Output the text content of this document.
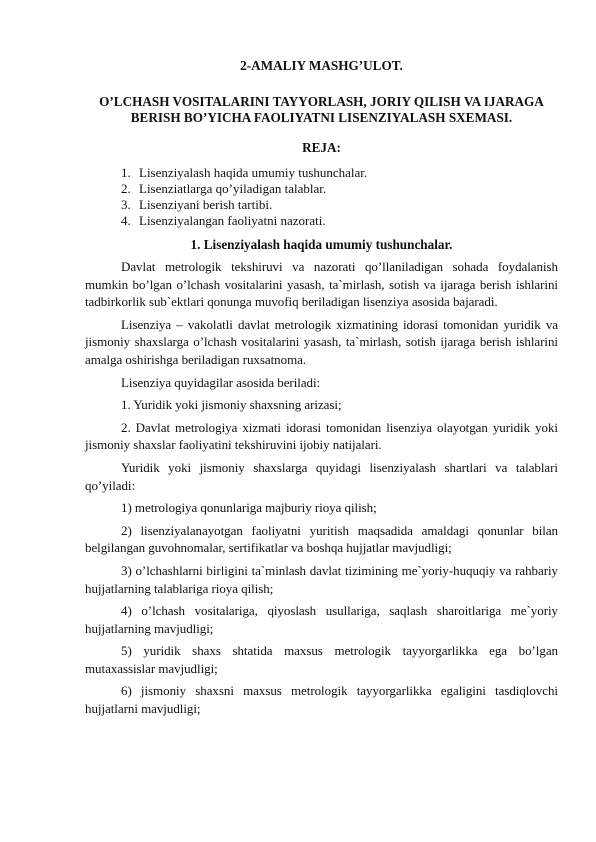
2-AMALIY MASHG’ULOT.
O’LCHASH VOSITALARINI TAYYORLASH, JORIY QILISH VA IJARAGA BERISH BO’YICHA FAOLIYATNI LISENZIYALASH SXEMASI.
REJA:
1. Lisenziyalash haqida umumiy tushunchalar.
2. Lisenziatlarga qo’yiladigan talablar.
3. Lisenziyani berish tartibi.
4. Lisenziyalangan faoliyatni nazorati.
1. Lisenziyalash haqida umumiy tushunchalar.

Davlat metrologik tekshiruvi va nazorati qo’llaniladigan sohada foydalanish mumkin bo’lgan o’lchash vositalarini yasash, ta`mirlash, sotish va ijaraga berish ishlarini tadbirkorlik sub`ektlari qonunga muvofiq beriladigan lisenziya asosida bajaradi.

Lisenziya – vakolatli davlat metrologik xizmatining idorasi tomonidan yuridik va jismoniy shaxslarga o’lchash vositalarini yasash, ta`mirlash, sotish ijaraga berish ishlarini amalga oshirishga beriladigan ruxsatnoma.

Lisenziya quyidagilar asosida beriladi:

1. Yuridik yoki jismoniy shaxsning arizasi;

2. Davlat metrologiya xizmati idorasi tomonidan lisenziya olayotgan yuridik yoki jismoniy shaxslar faoliyatini tekshiruvini ijobiy natijalari.

Yuridik yoki jismoniy shaxslarga quyidagi lisenziyalash shartlari va talablari qo’yiladi:

1) metrologiya qonunlariga majburiy rioya qilish;

2) lisenziyalanayotgan faoliyatni yuritish maqsadida amaldagi qonunlar bilan belgilangan guvohnomalar, sertifikatlar va boshqa hujjatlar mavjudligi;

3) o’lchashlarni birligini ta`minlash davlat tizimining me`yoriy-huquqiy va rahbariy hujjatlarning talablariga rioya qilish;

4) o’lchash vositalariga, qiyoslash usullariga, saqlash sharoitlariga me`yoriy hujjatlarning mavjudligi;

5) yuridik shaxs shtatida maxsus metrologik tayyorgarlikka ega bo’lgan mutaxassislar mavjudligi;

6) jismoniy shaxsni maxsus metrologik tayyorgarlikka egaligini tasdiqlovchi hujjatlarni mavjudligi;
